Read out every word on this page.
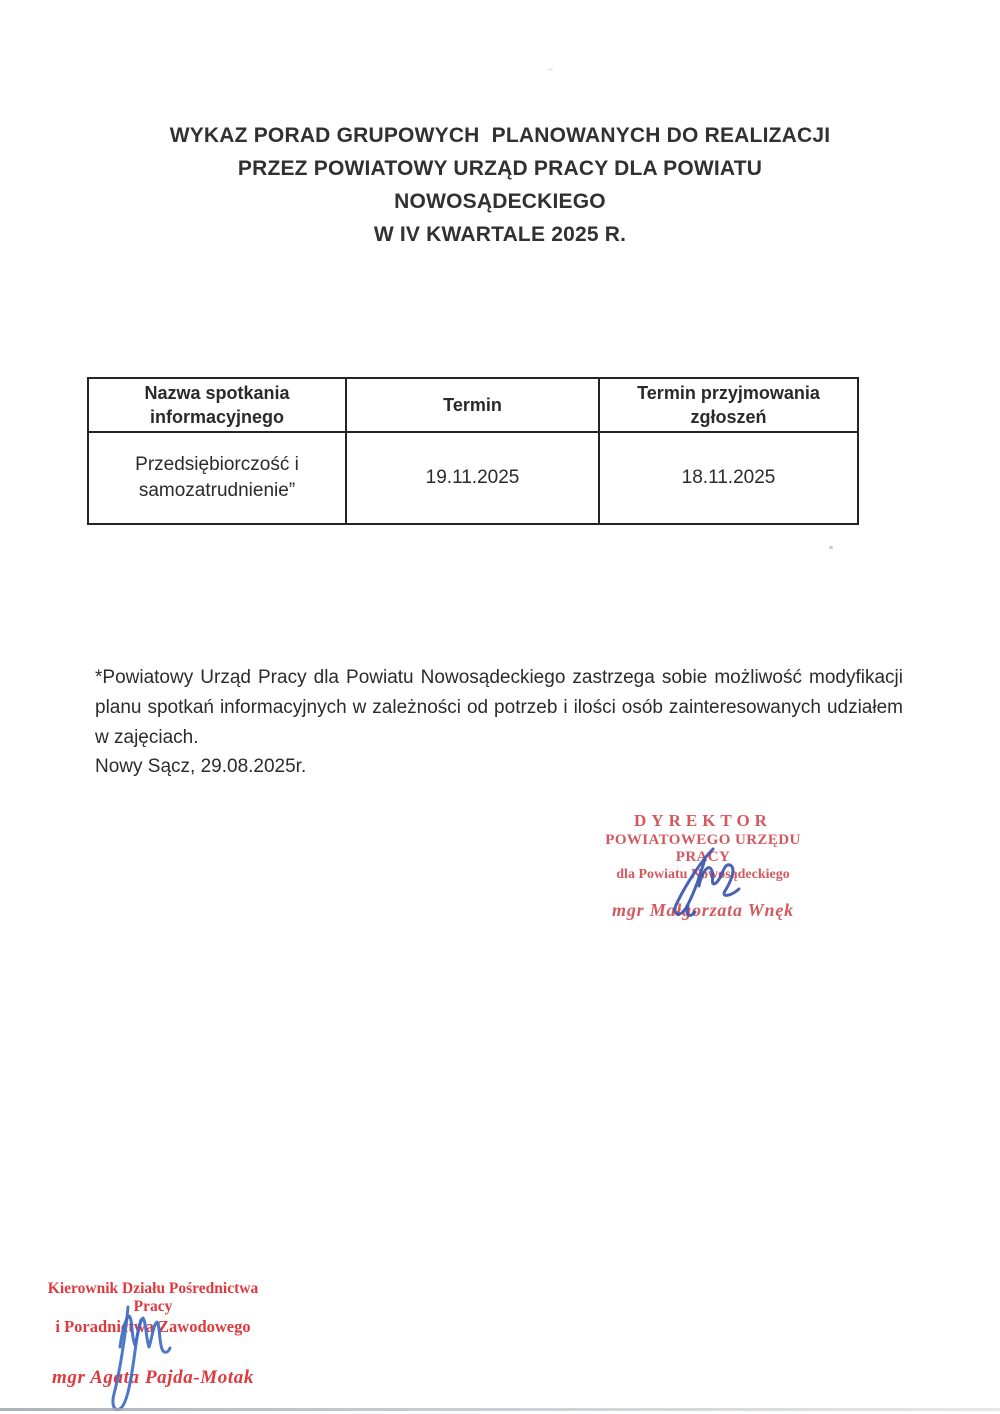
WYKAZ PORAD GRUPOWYCH  PLANOWANYCH DO REALIZACJI
PRZEZ POWIATOWY URZĄD PRACY DLA POWIATU
NOWOSĄDECKIEGO
W IV KWARTALE 2025 R.
Nazwa spotkania informacyjnego	Termin	Termin przyjmowania zgłoszeń
Przedsiębiorczość i samozatrudnienie”	19.11.2025	18.11.2025

*Powiatowy Urząd Pracy dla Powiatu Nowosądeckiego zastrzega sobie możliwość modyfikacji planu spotkań informacyjnych w zależności od potrzeb i ilości osób zainteresowanych udziałem w zajęciach.

Nowy Sącz, 29.08.2025r.
DYREKTOR
POWIATOWEGO URZĘDU PRACY
dla Powiatu Nowosądeckiego
mgr Małgorzata Wnęk
Kierownik Działu Pośrednictwa Pracy
i Poradnictwa Zawodowego
mgr Agata Pajda-Motak
